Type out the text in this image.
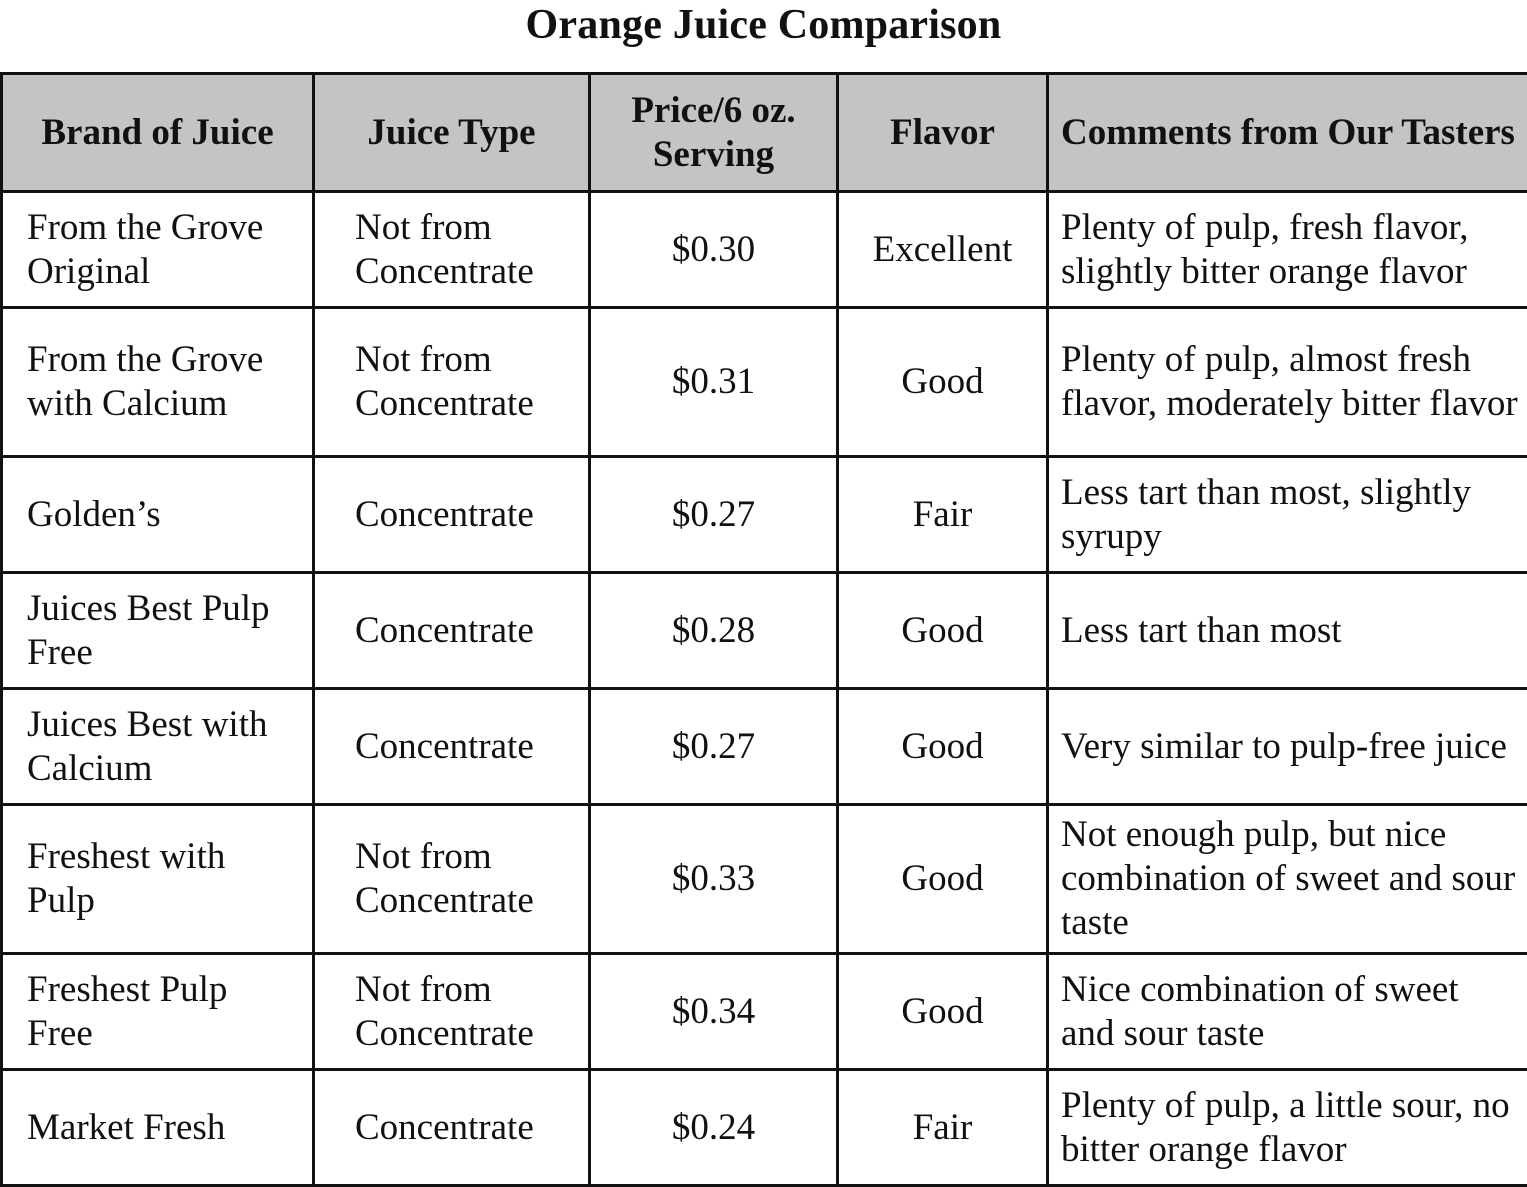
Orange Juice Comparison
Brand of Juice	Juice Type	Price/6 oz. Serving	Flavor	Comments from Our Tasters
From the Grove Original	Not from Concentrate	$0.30	Excellent	Plenty of pulp, fresh flavor, slightly bitter orange flavor
From the Grove with Calcium	Not from Concentrate	$0.31	Good	Plenty of pulp, almost fresh flavor, moderately bitter flavor
Golden’s	Concentrate	$0.27	Fair	Less tart than most, slightly syrupy
Juices Best Pulp Free	Concentrate	$0.28	Good	Less tart than most
Juices Best with Calcium	Concentrate	$0.27	Good	Very similar to pulp-free juice
Freshest with Pulp	Not from Concentrate	$0.33	Good	Not enough pulp, but nice combination of sweet and sour taste
Freshest Pulp Free	Not from Concentrate	$0.34	Good	Nice combination of sweet and sour taste
Market Fresh	Concentrate	$0.24	Fair	Plenty of pulp, a little sour, no bitter orange flavor
